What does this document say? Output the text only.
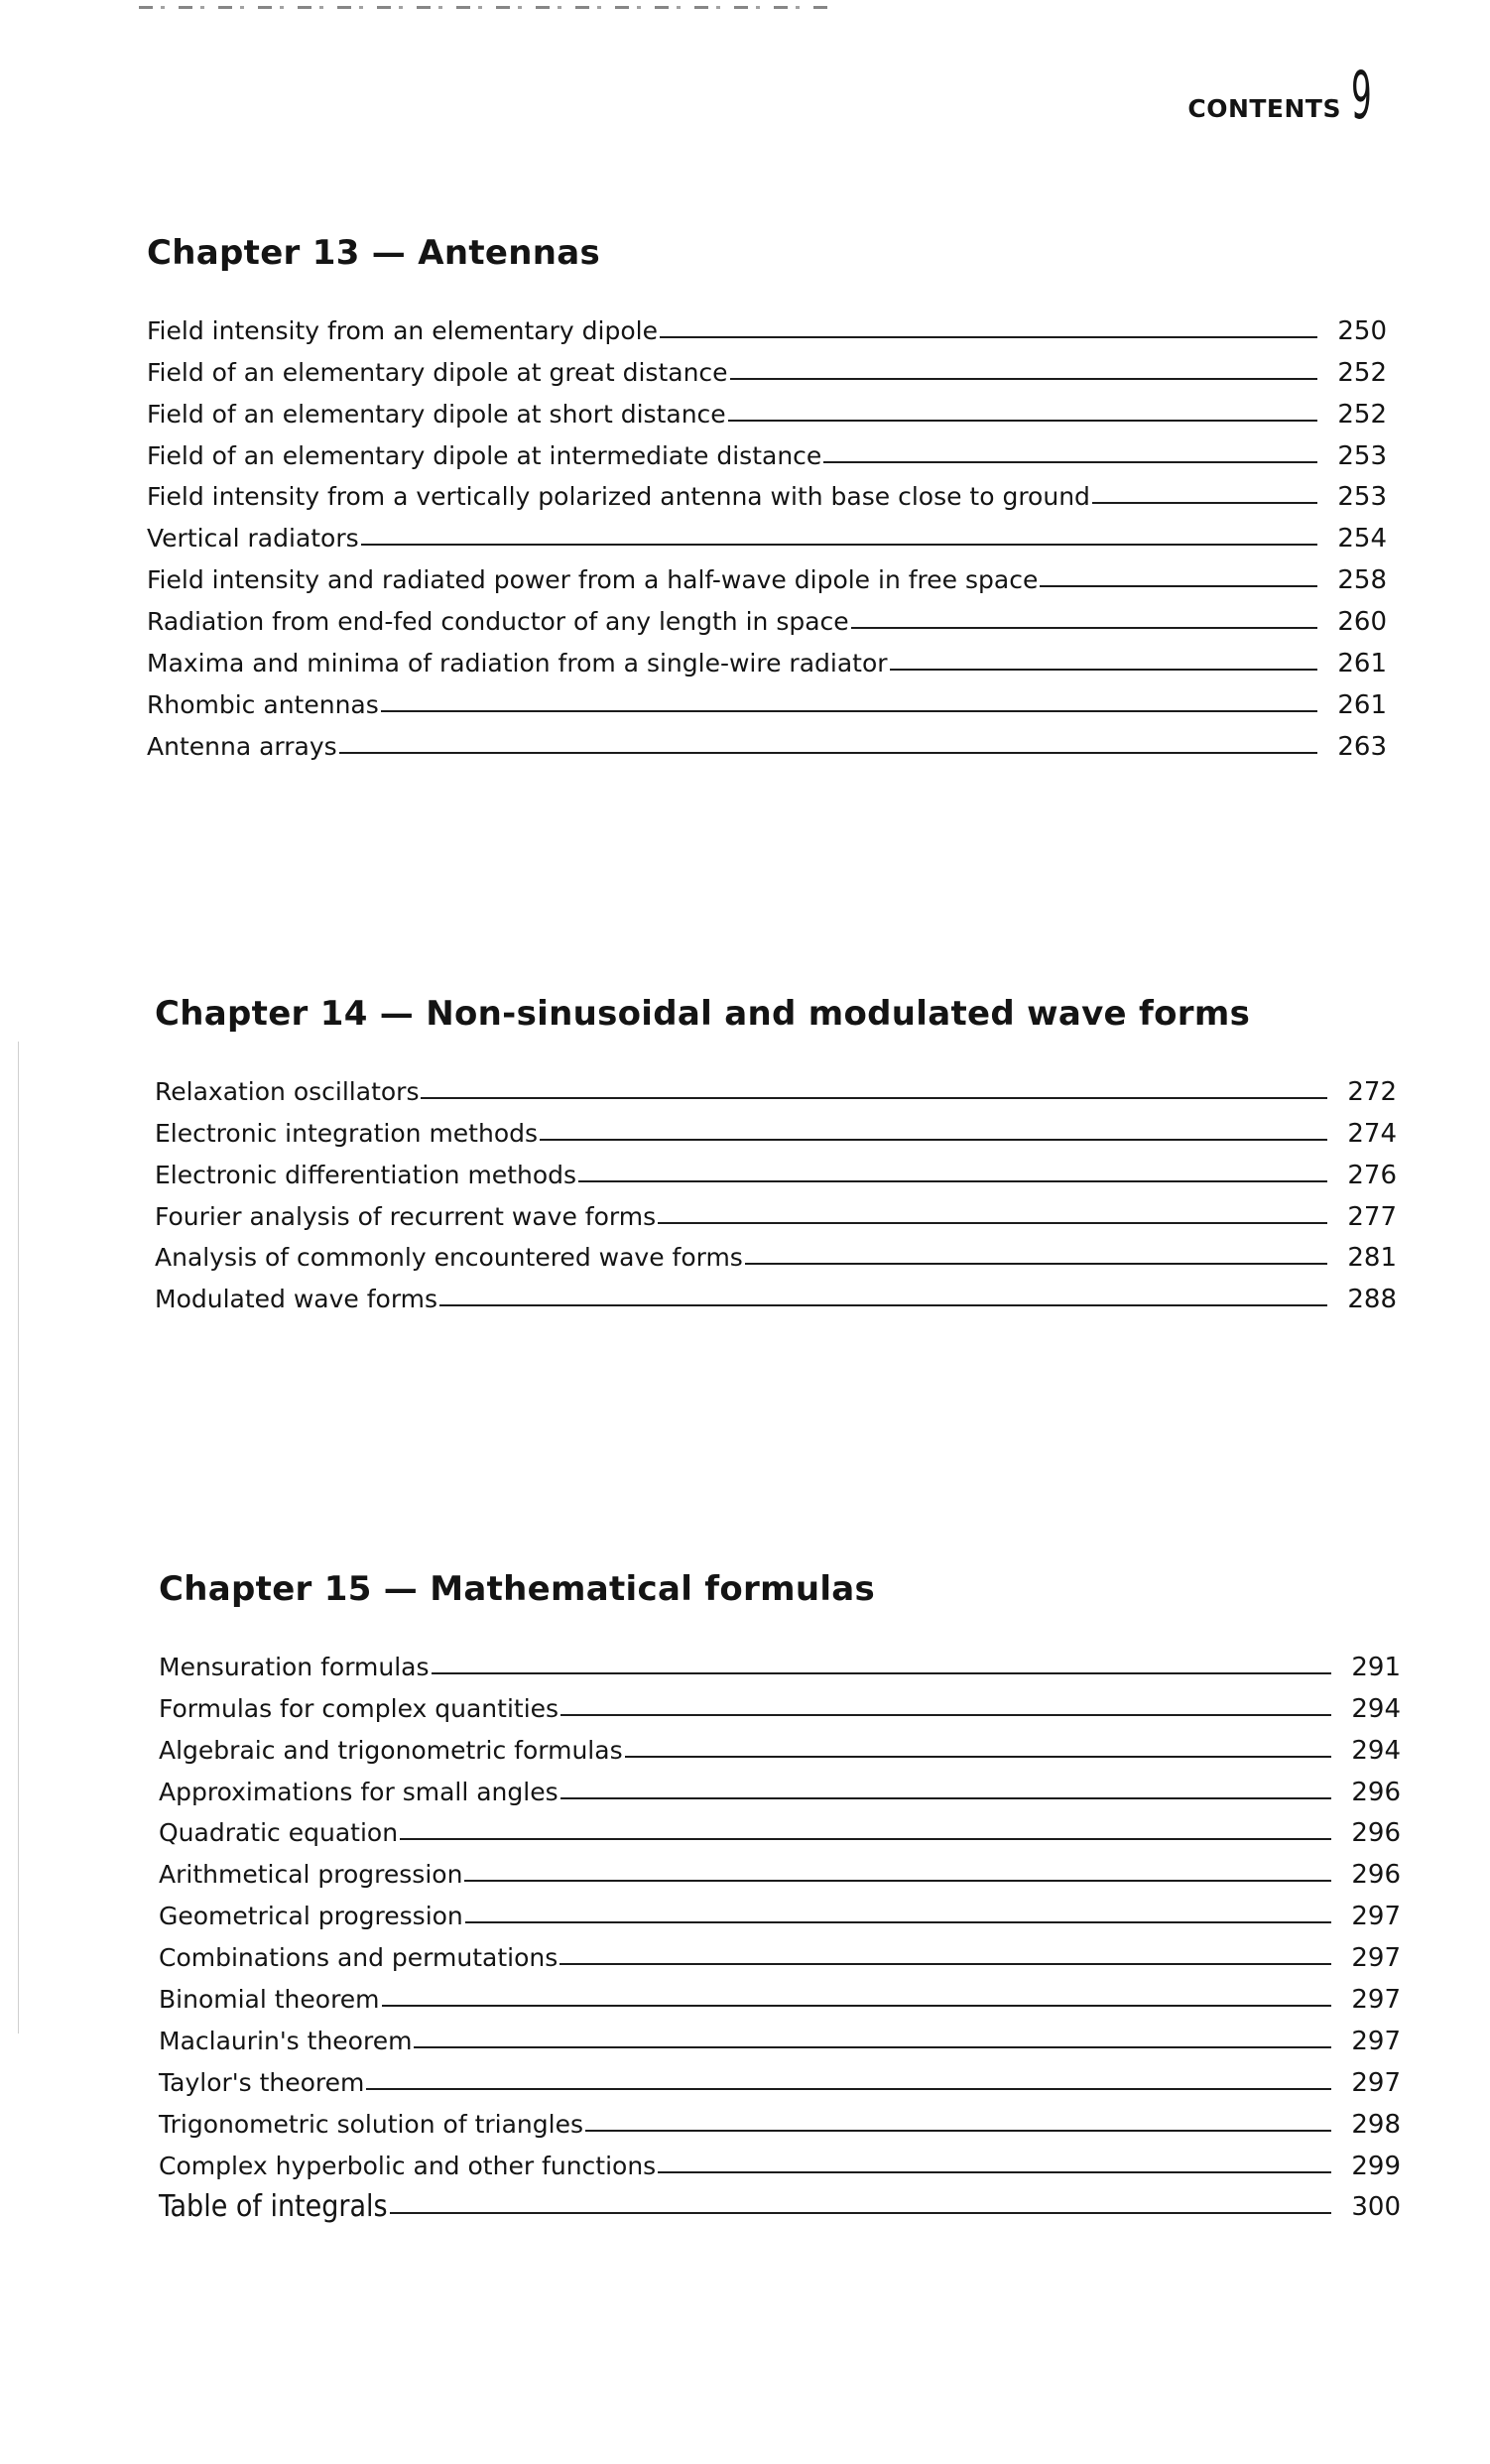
CONTENTS 9
Chapter 13 — Antennas
Field intensity from an elementary dipole	250
Field of an elementary dipole at great distance	252
Field of an elementary dipole at short distance	252
Field of an elementary dipole at intermediate distance	253
Field intensity from a vertically polarized antenna with base close to ground	253
Vertical radiators	254
Field intensity and radiated power from a half-wave dipole in free space	258
Radiation from end-fed conductor of any length in space	260
Maxima and minima of radiation from a single-wire radiator	261
Rhombic antennas	261
Antenna arrays	263
Chapter 14 — Non-sinusoidal and modulated wave forms
Relaxation oscillators	272
Electronic integration methods	274
Electronic differentiation methods	276
Fourier analysis of recurrent wave forms	277
Analysis of commonly encountered wave forms	281
Modulated wave forms	288
Chapter 15 — Mathematical formulas
Mensuration formulas	291
Formulas for complex quantities	294
Algebraic and trigonometric formulas	294
Approximations for small angles	296
Quadratic equation	296
Arithmetical progression	296
Geometrical progression	297
Combinations and permutations	297
Binomial theorem	297
Maclaurin's theorem	297
Taylor's theorem	297
Trigonometric solution of triangles	298
Complex hyperbolic and other functions	299
Table of integrals	300
